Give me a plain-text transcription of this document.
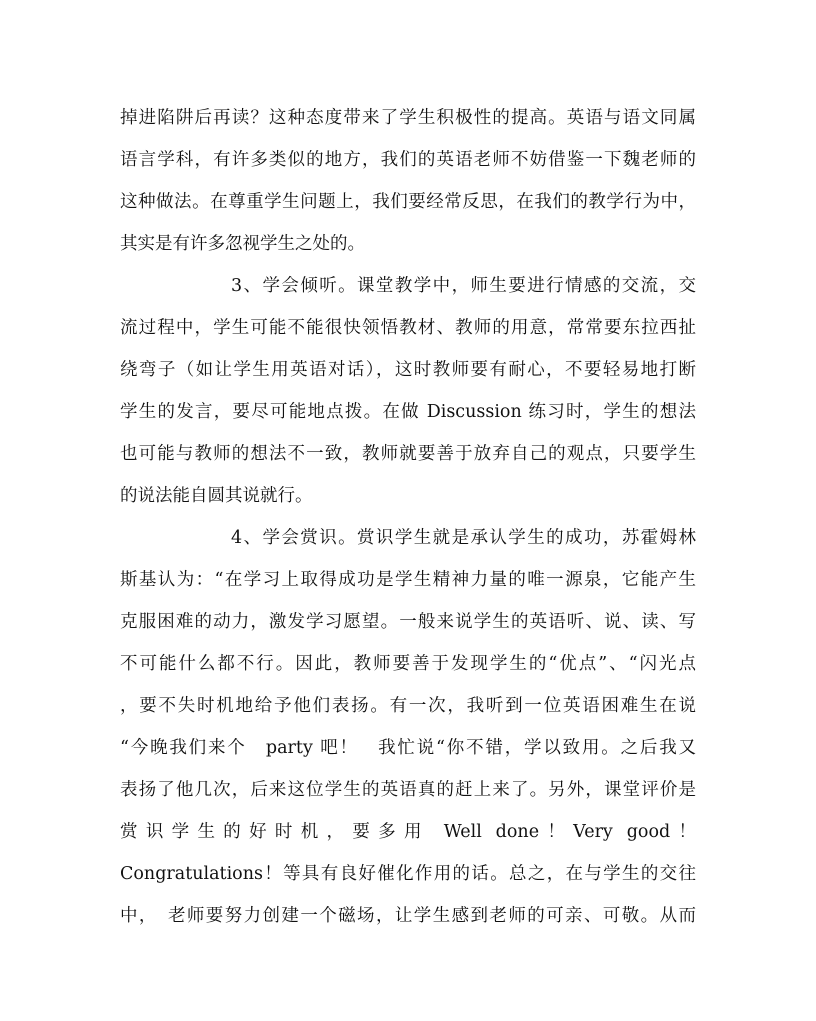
掉进陷阱后再读？这种态度带来了学生积极性的提高。英语与语文同属
语言学科，有许多类似的地方，我们的英语老师不妨借鉴一下魏老师的
这种做法。在尊重学生问题上，我们要经常反思，在我们的教学行为中，
其实是有许多忽视学生之处的。
3、学会倾听。课堂教学中，师生要进行情感的交流，交
流过程中，学生可能不能很快领悟教材、教师的用意，常常要东拉西扯
绕弯子（如让学生用英语对话），这时教师要有耐心，不要轻易地打断
学生的发言，要尽可能地点拨。在做 Discussion 练习时，学生的想法
也可能与教师的想法不一致，教师就要善于放弃自己的观点，只要学生
的说法能自圆其说就行。
4、学会赏识。赏识学生就是承认学生的成功，苏霍姆林
斯基认为：“在学习上取得成功是学生精神力量的唯一源泉，它能产生
克服困难的动力，激发学习愿望。一般来说学生的英语听、说、读、写
不可能什么都不行。因此，教师要善于发现学生的“优点”、“闪光点
，要不失时机地给予他们表扬。有一次，我听到一位英语困难生在说
“今晚我们来个　party 吧！　我忙说“你不错，学以致用。之后我又
表扬了他几次，后来这位学生的英语真的赶上来了。另外，课堂评价是
赏识学生的好时机，要多用 Well done！Very good！
Congratulations！等具有良好催化作用的话。总之，在与学生的交往
中，　老师要努力创建一个磁场，让学生感到老师的可亲、可敬。从而
